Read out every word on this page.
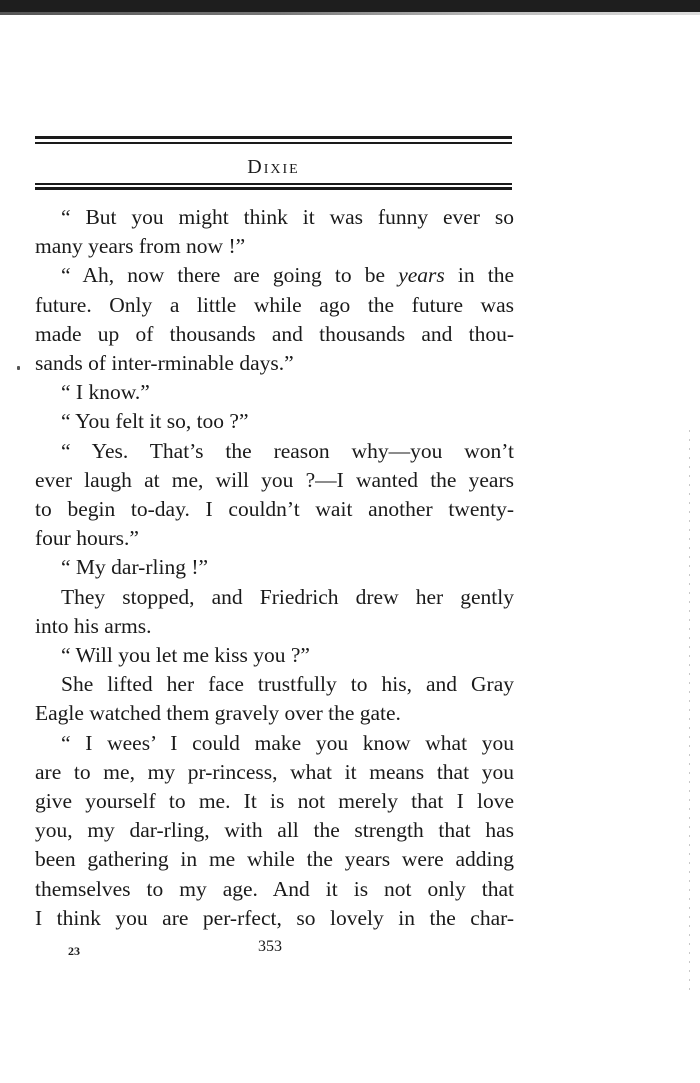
Dixie
“ But you might think it was funny ever so
many years from now !”
“ Ah, now there are going to be years in the
future. Only a little while ago the future was
made up of thousands and thousands and thou-
sands of inter-rminable days.”
“ I know.”
“ You felt it so, too ?”
“ Yes. That’s the reason why—you won’t
ever laugh at me, will you ?—I wanted the years
to begin to-day. I couldn’t wait another twenty-
four hours.”
“ My dar-rling !”
They stopped, and Friedrich drew her gently
into his arms.
“ Will you let me kiss you ?”
She lifted her face trustfully to his, and Gray
Eagle watched them gravely over the gate.
“ I wees’ I could make you know what you
are to me, my pr-rincess, what it means that you
give yourself to me. It is not merely that I love
you, my dar-rling, with all the strength that has
been gathering in me while the years were adding
themselves to my age. And it is not only that
I think you are per-rfect, so lovely in the char-
23	353
